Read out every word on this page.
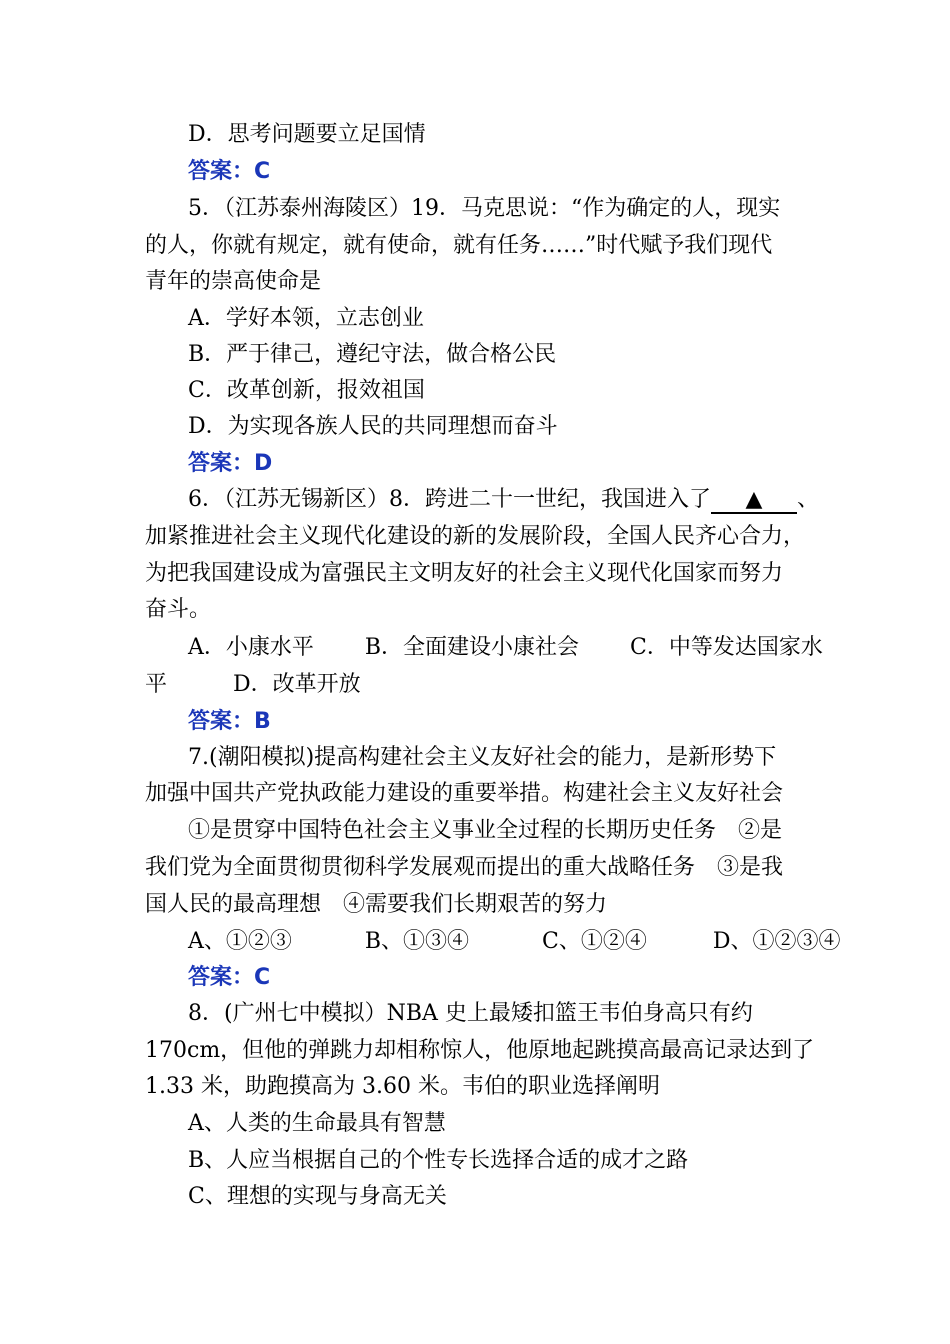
D．思考问题要立足国情
答案：C
5．（江苏泰州海陵区）19．马克思说：“作为确定的人，现实
的人，你就有规定，就有使命，就有任务……”时代赋予我们现代
青年的崇高使命是
A．学好本领，立志创业
B．严于律己，遵纪守法，做合格公民
C．改革创新，报效祖国
D．为实现各族人民的共同理想而奋斗
答案：D
6．（江苏无锡新区）8．跨进二十一世纪，我国进入了 ▲ 、
加紧推进社会主义现代化建设的新的发展阶段，全国人民齐心合力，
为把我国建设成为富强民主文明友好的社会主义现代化国家而努力
奋斗。
A．小康水平　　 B．全面建设小康社会　　 C．中等发达国家水
平　　　D．改革开放
答案：B
7.(潮阳模拟)提高构建社会主义友好社会的能力，是新形势下
加强中国共产党执政能力建设的重要举措。构建社会主义友好社会
①是贯穿中国特色社会主义事业全过程的长期历史任务　②是
我们党为全面贯彻贯彻科学发展观而提出的重大战略任务　③是我
国人民的最高理想　④需要我们长期艰苦的努力
A、①②③　　　 B、①③④　　　 C、①②④　　　D、①②③④
答案：C
8．(广州七中模拟）NBA 史上最矮扣篮王韦伯身高只有约
170cm，但他的弹跳力却相称惊人，他原地起跳摸高最高记录达到了
1.33 米，助跑摸高为 3.60 米。韦伯的职业选择阐明
A、人类的生命最具有智慧
B、人应当根据自己的个性专长选择合适的成才之路
C、理想的实现与身高无关
